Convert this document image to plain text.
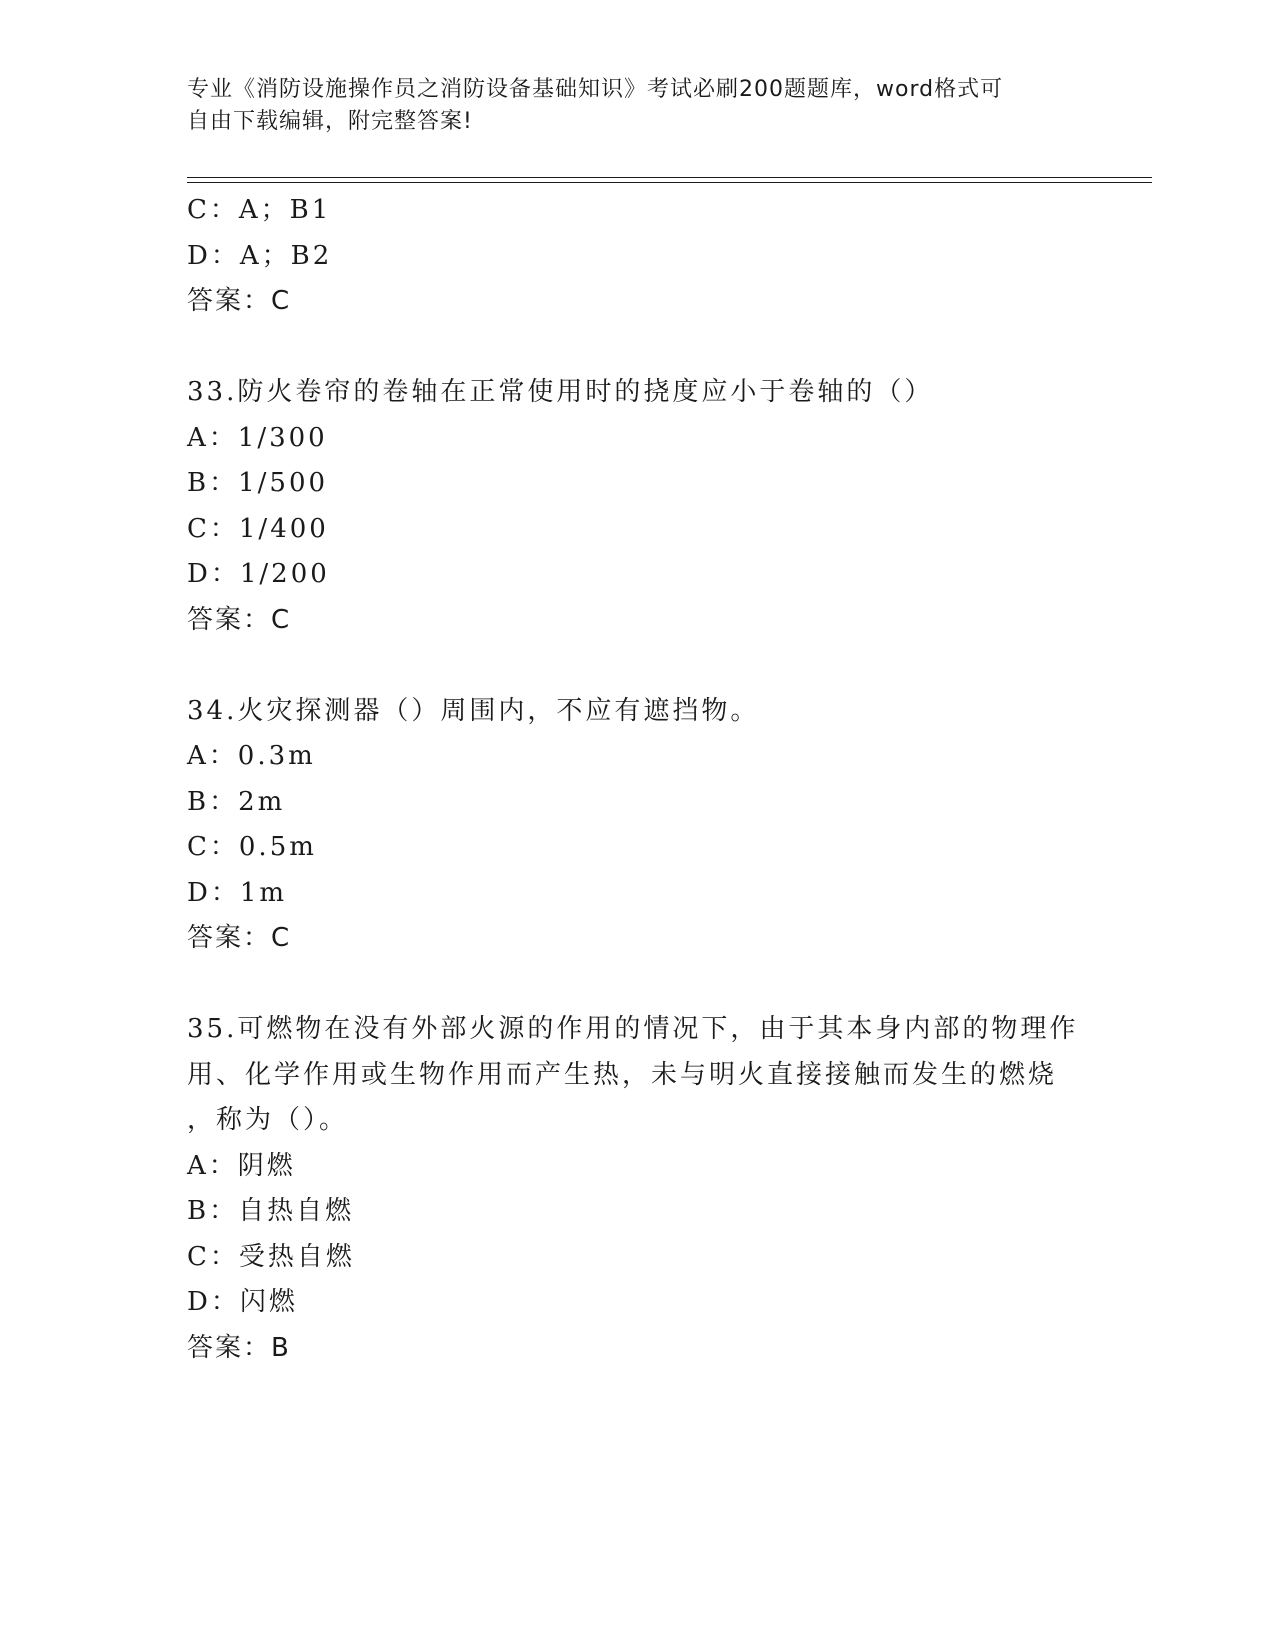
专业《消防设施操作员之消防设备基础知识》考试必刷200题题库，word格式可
自由下载编辑，附完整答案!
C：A；B1
D：A；B2
答案：C
33.防火卷帘的卷轴在正常使用时的挠度应小于卷轴的（）
A：1/300
B：1/500
C：1/400
D：1/200
答案：C
34.火灾探测器（）周围内，不应有遮挡物。
A：0.3m
B：2m
C：0.5m
D：1m
答案：C
35.可燃物在没有外部火源的作用的情况下，由于其本身内部的物理作
用、化学作用或生物作用而产生热，未与明火直接接触而发生的燃烧
，称为（）。
A：阴燃
B：自热自燃
C：受热自燃
D：闪燃
答案：B
